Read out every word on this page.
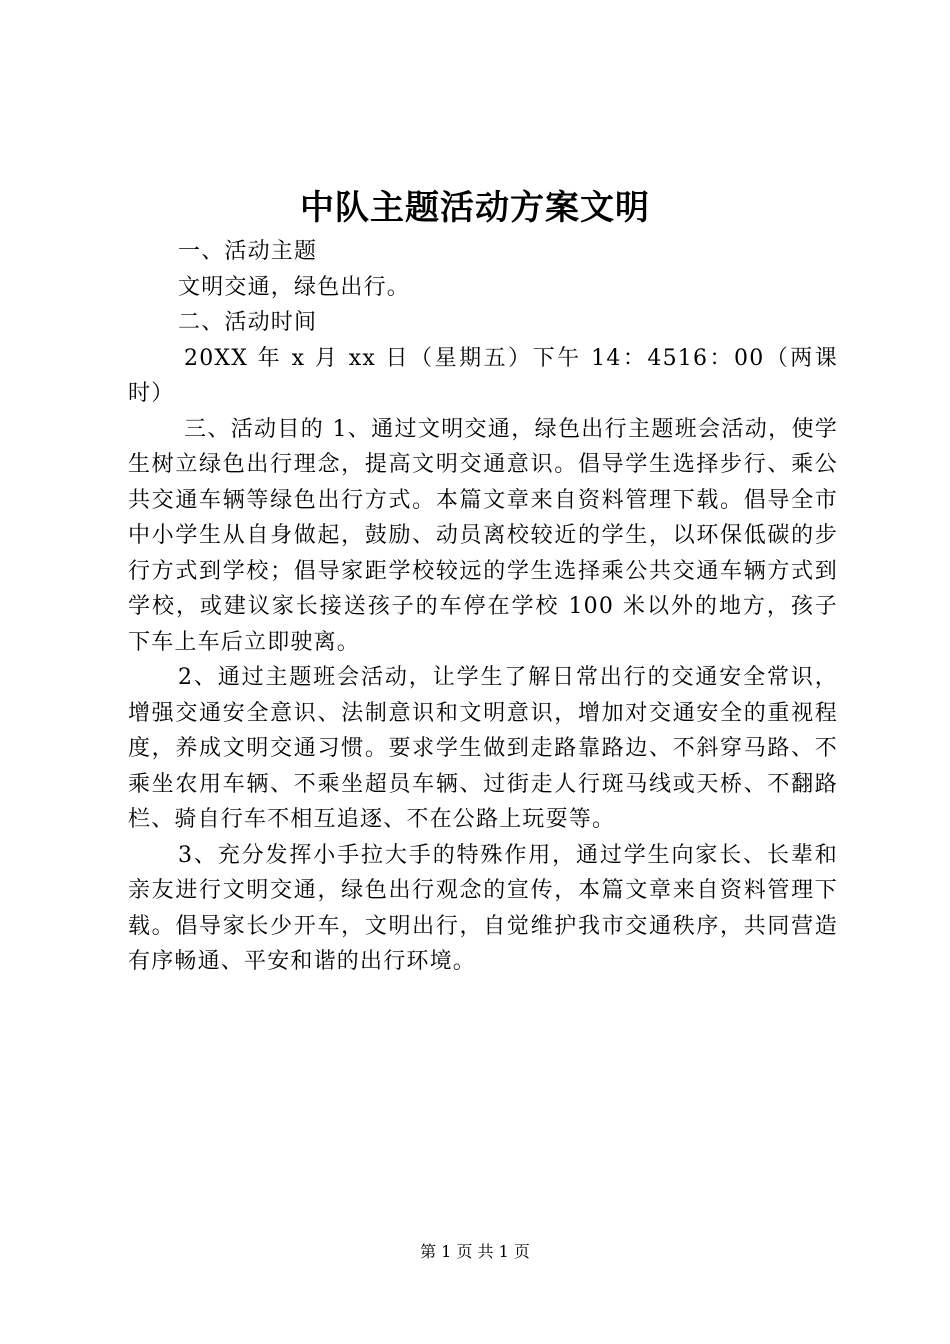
中队主题活动方案文明

一、活动主题

文明交通，绿色出行。

二、活动时间

20XX 年 x 月 xx 日（星期五）下午 14：4516：00（两课时）

三、活动目的 1、通过文明交通，绿色出行主题班会活动，使学生树立绿色出行理念，提高文明交通意识。倡导学生选择步行、乘公共交通车辆等绿色出行方式。本篇文章来自资料管理下载。倡导全市中小学生从自身做起，鼓励、动员离校较近的学生，以环保低碳的步行方式到学校；倡导家距学校较远的学生选择乘公共交通车辆方式到学校，或建议家长接送孩子的车停在学校 100 米以外的地方，孩子下车上车后立即驶离。

2、通过主题班会活动，让学生了解日常出行的交通安全常识，增强交通安全意识、法制意识和文明意识，增加对交通安全的重视程度，养成文明交通习惯。要求学生做到走路靠路边、不斜穿马路、不乘坐农用车辆、不乘坐超员车辆、过街走人行斑马线或天桥、不翻路栏、骑自行车不相互追逐、不在公路上玩耍等。

3、充分发挥小手拉大手的特殊作用，通过学生向家长、长辈和亲友进行文明交通，绿色出行观念的宣传，本篇文章来自资料管理下载。倡导家长少开车，文明出行，自觉维护我市交通秩序，共同营造有序畅通、平安和谐的出行环境。

第 1 页 共 1 页
